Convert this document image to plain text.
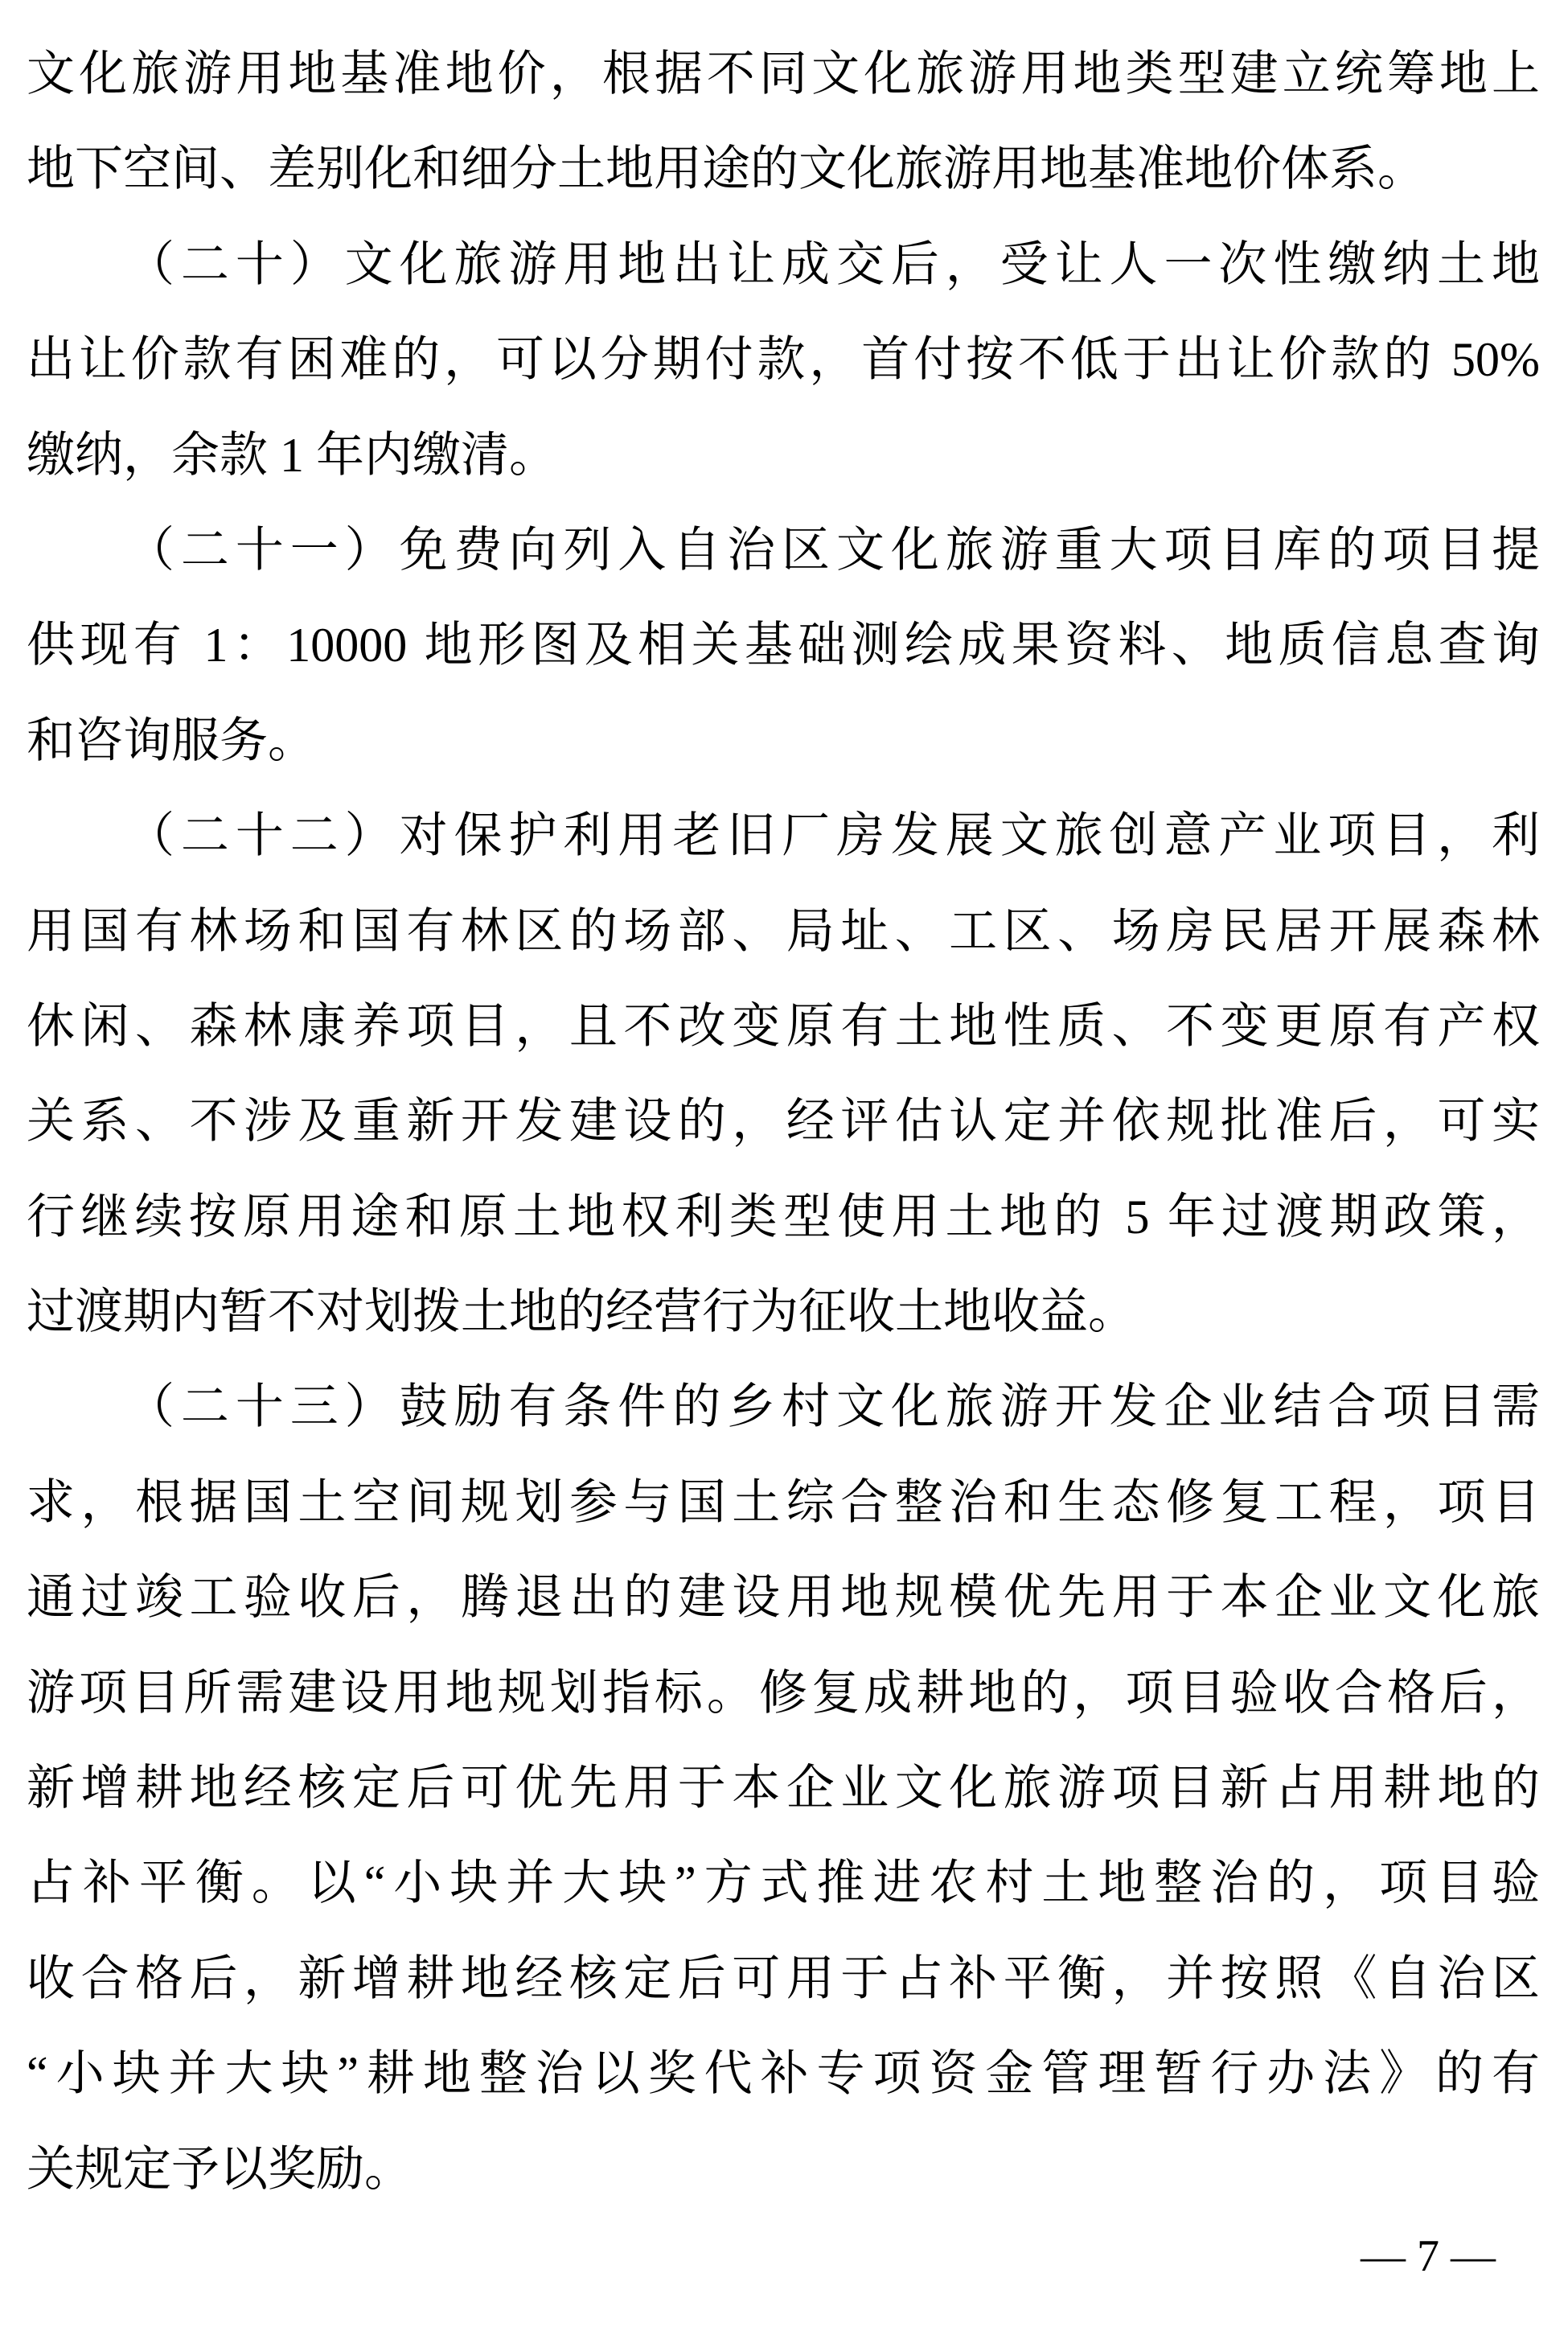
文化旅游用地基准地价，根据不同文化旅游用地类型建立统筹地上
地下空间、差别化和细分土地用途的文化旅游用地基准地价体系。
（二十）文化旅游用地出让成交后，受让人一次性缴纳土地
出让价款有困难的，可以分期付款，首付按不低于出让价款的 50%
缴纳，余款 1 年内缴清。
（二十一）免费向列入自治区文化旅游重大项目库的项目提
供现有 1：10000 地形图及相关基础测绘成果资料、地质信息查询
和咨询服务。
（二十二）对保护利用老旧厂房发展文旅创意产业项目，利
用国有林场和国有林区的场部、局址、工区、场房民居开展森林
休闲、森林康养项目，且不改变原有土地性质、不变更原有产权
关系、不涉及重新开发建设的，经评估认定并依规批准后，可实
行继续按原用途和原土地权利类型使用土地的 5 年过渡期政策，
过渡期内暂不对划拨土地的经营行为征收土地收益。
（二十三）鼓励有条件的乡村文化旅游开发企业结合项目需
求，根据国土空间规划参与国土综合整治和生态修复工程，项目
通过竣工验收后，腾退出的建设用地规模优先用于本企业文化旅
游项目所需建设用地规划指标。修复成耕地的，项目验收合格后，
新增耕地经核定后可优先用于本企业文化旅游项目新占用耕地的
占补平衡。以“小块并大块”方式推进农村土地整治的，项目验
收合格后，新增耕地经核定后可用于占补平衡，并按照《自治区
“小块并大块”耕地整治以奖代补专项资金管理暂行办法》的有
关规定予以奖励。
— 7 —
